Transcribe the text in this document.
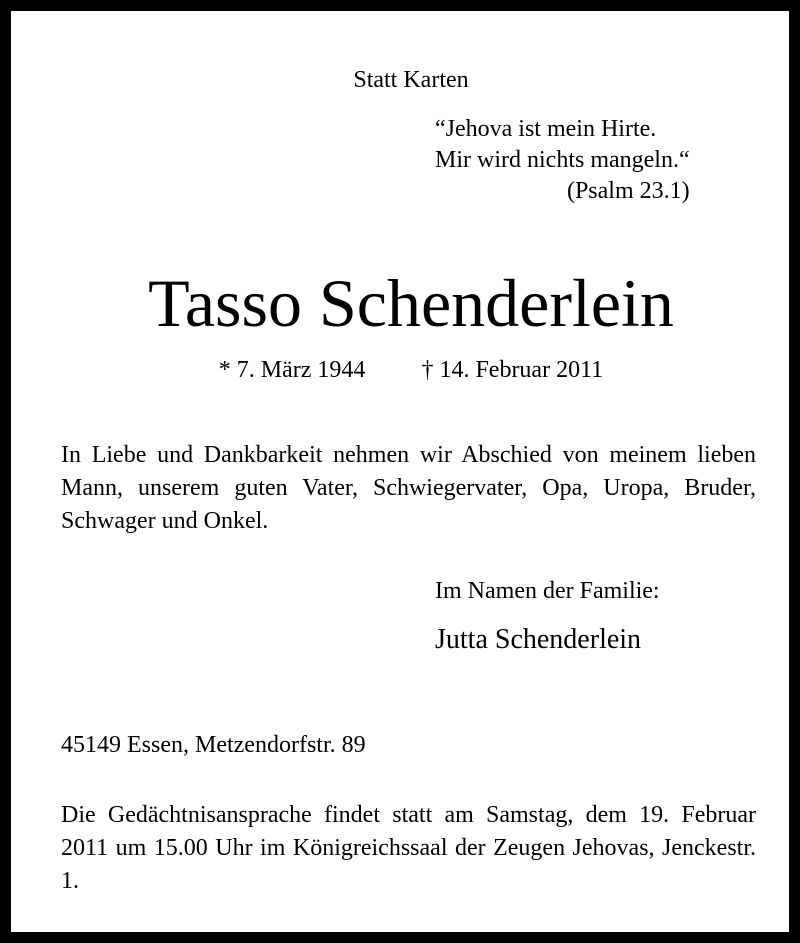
Statt Karten

“Jehova ist mein Hirte.
Mir wird nichts mangeln.“
(Psalm 23.1)

Tasso Schenderlein

* 7. März 1944 † 14. Februar 2011

In Liebe und Dankbarkeit nehmen wir Abschied von meinem lieben Mann, unserem guten Vater, Schwiegervater, Opa, Uropa, Bruder, Schwager und Onkel.

Im Namen der Familie:

Jutta Schenderlein

45149 Essen, Metzendorfstr. 89

Die Gedächtnisansprache findet statt am Samstag, dem 19. Februar 2011 um 15.00 Uhr im Königreichssaal der Zeugen Jehovas, Jenckestr. 1.
